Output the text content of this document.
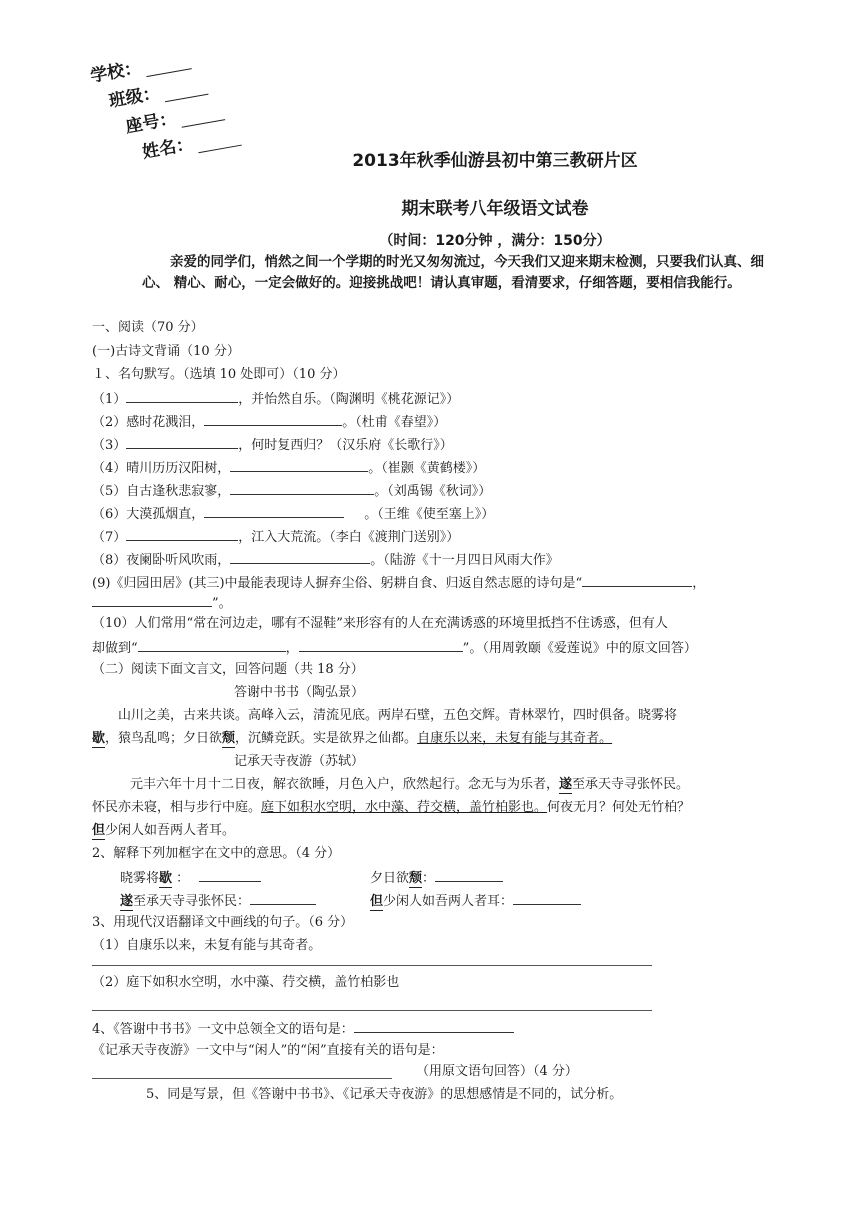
学校：
班级：
座号：
姓名：	2013年秋季仙游县初中第三教研片区
期末联考八年级语文试卷
（时间：120分钟 ，满分：150分）
亲爱的同学们，悄然之间一个学期的时光又匆匆流过，今天我们又迎来期末检测，只要我们认真、细心、 精心、耐心，一定会做好的。迎接挑战吧！请认真审题，看清要求，仔细答题，要相信我能行。
一、阅读（70 分）
(一)古诗文背诵（10 分）
１、名句默写。（选填 10 处即可）（10 分）
（1）	，并怡然自乐。（陶渊明《桃花源记》）
（2）感时花溅泪，	。（杜甫《春望》）
（3）	，何时复西归？（汉乐府《长歌行》）
（4）晴川历历汉阳树，	。（崔颢《黄鹤楼》）
（5）自古逢秋悲寂寥，	。（刘禹锡《秋词》）
（6）大漠孤烟直，	。（王维《使至塞上》）
（7）	，江入大荒流。（李白《渡荆门送别》）
（8）夜阑卧听风吹雨，	。（陆游《十一月四日风雨大作》
(9)《归园田居》(其三)中最能表现诗人摒弃尘俗、躬耕自食、归返自然志愿的诗句是“	，
”。
（10）人们常用“常在河边走，哪有不湿鞋”来形容有的人在充满诱惑的环境里抵挡不住诱惑，但有人
却做到“	，	”。（用周敦颐《爱莲说》中的原文回答）
（二）阅读下面文言文，回答问题（共 18 分）
答谢中书书（陶弘景）
山川之美，古来共谈。高峰入云，清流见底。两岸石壁，五色交辉。青林翠竹，四时俱备。晓雾将
歇，猿鸟乱鸣；夕日欲颓，沉鳞竞跃。实是欲界之仙都。自康乐以来，未复有能与其奇者。
记承天寺夜游（苏轼）
元丰六年十月十二日夜，解衣欲睡，月色入户，欣然起行。念无与为乐者，遂至承天寺寻张怀民。
怀民亦未寝，相与步行中庭。庭下如积水空明，水中藻、荇交横，盖竹柏影也。何夜无月？何处无竹柏？
但少闲人如吾两人者耳。
2、解释下列加框字在文中的意思。（4 分）
晓雾将歇 ：	夕日欲颓：
遂至承天寺寻张怀民：	但少闲人如吾两人者耳：
3、用现代汉语翻译文中画线的句子。（6 分）
（1）自康乐以来，未复有能与其奇者。
（2）庭下如积水空明，水中藻、荇交横，盖竹柏影也
4、《答谢中书书》一文中总领全文的语句是：
《记承天寺夜游》一文中与“闲人”的“闲”直接有关的语句是：
（用原文语句回答）（4 分）
5、同是写景，但《答谢中书书》、《记承天寺夜游》的思想感情是不同的，试分析。
